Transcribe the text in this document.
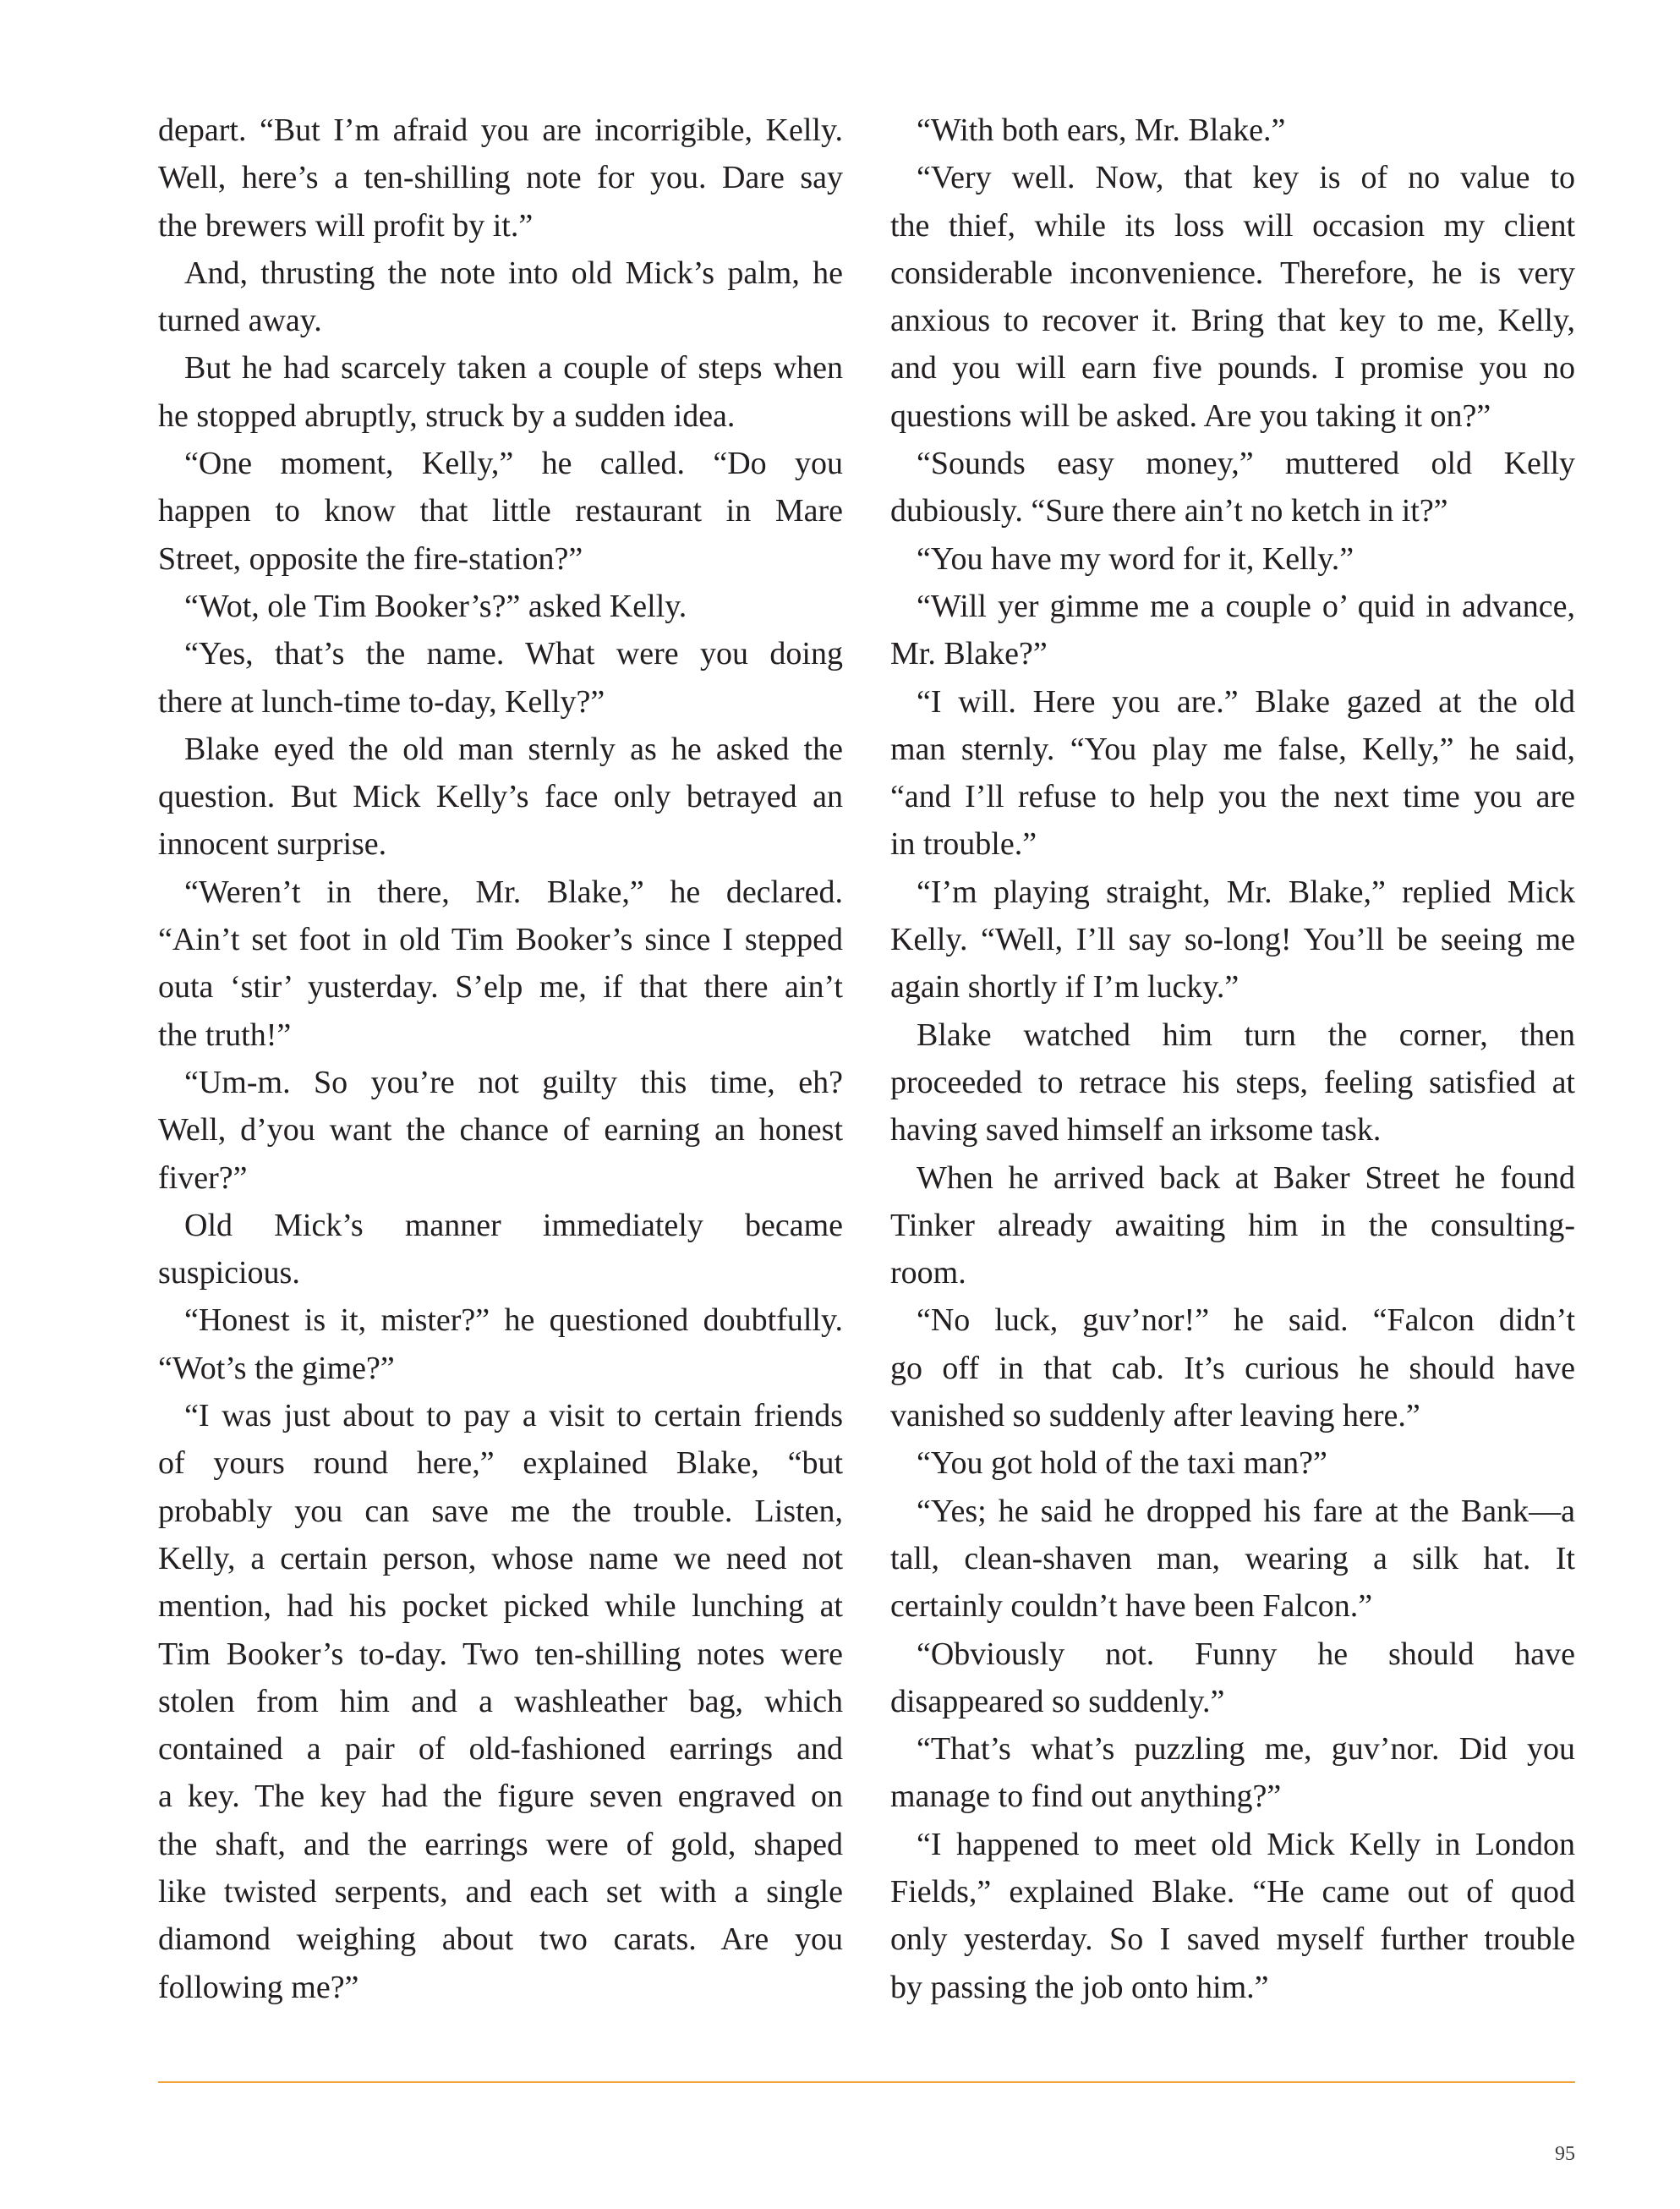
depart. “But I’m afraid you are incorrigible, Kelly.
Well, here’s a ten-shilling note for you. Dare say
the brewers will profit by it.”
And, thrusting the note into old Mick’s palm, he
turned away.
But he had scarcely taken a couple of steps when
he stopped abruptly, struck by a sudden idea.
“One moment, Kelly,” he called. “Do you
happen to know that little restaurant in Mare
Street, opposite the fire-station?”
“Wot, ole Tim Booker’s?” asked Kelly.
“Yes, that’s the name. What were you doing
there at lunch-time to-day, Kelly?”
Blake eyed the old man sternly as he asked the
question. But Mick Kelly’s face only betrayed an
innocent surprise.
“Weren’t in there, Mr. Blake,” he declared.
“Ain’t set foot in old Tim Booker’s since I stepped
outa ‘stir’ yusterday. S’elp me, if that there ain’t
the truth!”
“Um-m. So you’re not guilty this time, eh?
Well, d’you want the chance of earning an honest
fiver?”
Old Mick’s manner immediately became
suspicious.
“Honest is it, mister?” he questioned doubtfully.
“Wot’s the gime?”
“I was just about to pay a visit to certain friends
of yours round here,” explained Blake, “but
probably you can save me the trouble. Listen,
Kelly, a certain person, whose name we need not
mention, had his pocket picked while lunching at
Tim Booker’s to-day. Two ten-shilling notes were
stolen from him and a washleather bag, which
contained a pair of old-fashioned earrings and
a key. The key had the figure seven engraved on
the shaft, and the earrings were of gold, shaped
like twisted serpents, and each set with a single
diamond weighing about two carats. Are you
following me?”
“With both ears, Mr. Blake.”
“Very well. Now, that key is of no value to
the thief, while its loss will occasion my client
considerable inconvenience. Therefore, he is very
anxious to recover it. Bring that key to me, Kelly,
and you will earn five pounds. I promise you no
questions will be asked. Are you taking it on?”
“Sounds easy money,” muttered old Kelly
dubiously. “Sure there ain’t no ketch in it?”
“You have my word for it, Kelly.”
“Will yer gimme me a couple o’ quid in advance,
Mr. Blake?”
“I will. Here you are.” Blake gazed at the old
man sternly. “You play me false, Kelly,” he said,
“and I’ll refuse to help you the next time you are
in trouble.”
“I’m playing straight, Mr. Blake,” replied Mick
Kelly. “Well, I’ll say so-long! You’ll be seeing me
again shortly if I’m lucky.”
Blake watched him turn the corner, then
proceeded to retrace his steps, feeling satisfied at
having saved himself an irksome task.
When he arrived back at Baker Street he found
Tinker already awaiting him in the consulting-
room.
“No luck, guv’nor!” he said. “Falcon didn’t
go off in that cab. It’s curious he should have
vanished so suddenly after leaving here.”
“You got hold of the taxi man?”
“Yes; he said he dropped his fare at the Bank—a
tall, clean-shaven man, wearing a silk hat. It
certainly couldn’t have been Falcon.”
“Obviously not. Funny he should have
disappeared so suddenly.”
“That’s what’s puzzling me, guv’nor. Did you
manage to find out anything?”
“I happened to meet old Mick Kelly in London
Fields,” explained Blake. “He came out of quod
only yesterday. So I saved myself further trouble
by passing the job onto him.”
95
